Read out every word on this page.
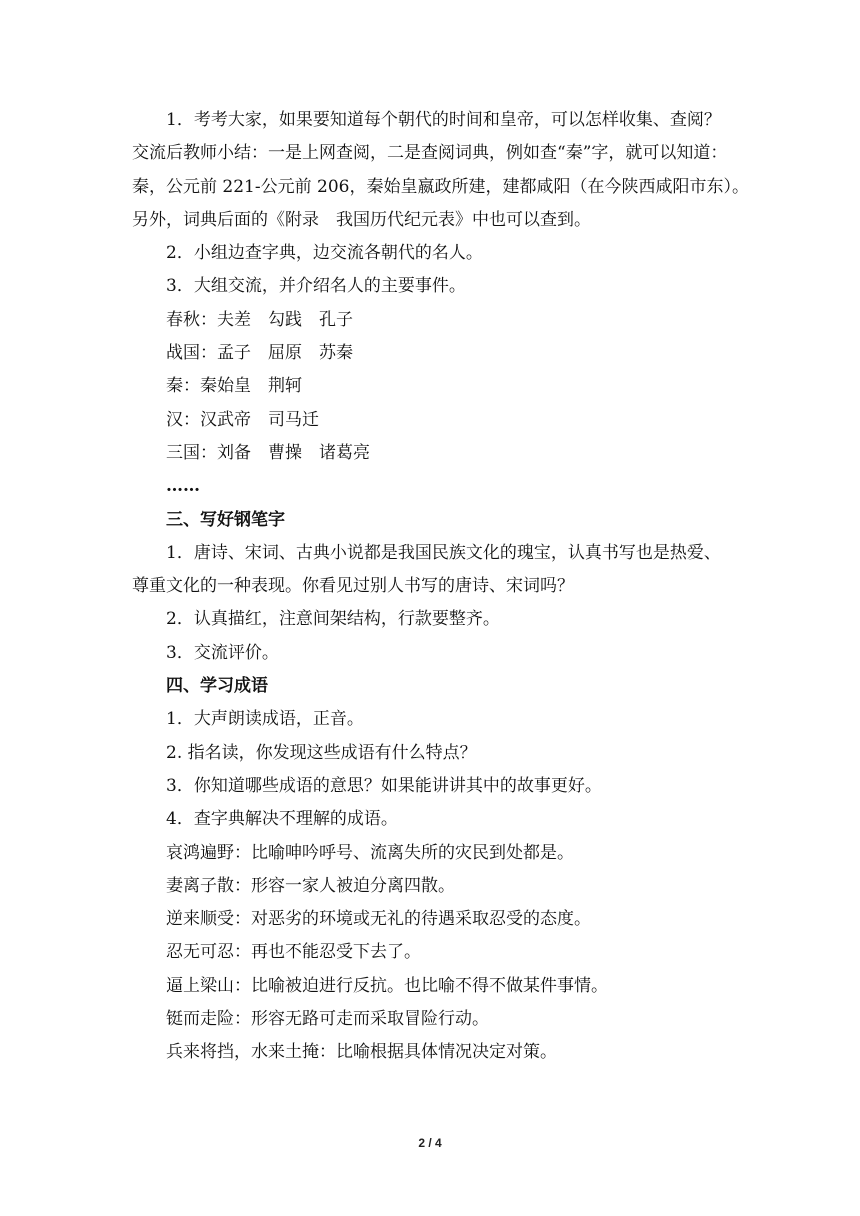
1．考考大家，如果要知道每个朝代的时间和皇帝，可以怎样收集、查阅？

交流后教师小结：一是上网查阅，二是查阅词典，例如查“秦”字，就可以知道：

秦，公元前 221-公元前 206，秦始皇嬴政所建，建都咸阳（在今陕西咸阳市东）。

另外，词典后面的《附录　我国历代纪元表》中也可以查到。

2．小组边查字典，边交流各朝代的名人。

3．大组交流，并介绍名人的主要事件。

春秋：夫差　勾践　孔子

战国：孟子　屈原　苏秦

秦：秦始皇　荆轲

汉：汉武帝　司马迁

三国：刘备　曹操　诸葛亮

……

三、写好钢笔字

1．唐诗、宋词、古典小说都是我国民族文化的瑰宝，认真书写也是热爱、

尊重文化的一种表现。你看见过别人书写的唐诗、宋词吗？

2．认真描红，注意间架结构，行款要整齐。

3．交流评价。

四、学习成语

1．大声朗读成语，正音。

2. 指名读，你发现这些成语有什么特点？

3．你知道哪些成语的意思？如果能讲讲其中的故事更好。

4．查字典解决不理解的成语。

哀鸿遍野：比喻呻吟呼号、流离失所的灾民到处都是。

妻离子散：形容一家人被迫分离四散。

逆来顺受：对恶劣的环境或无礼的待遇采取忍受的态度。

忍无可忍：再也不能忍受下去了。

逼上梁山：比喻被迫进行反抗。也比喻不得不做某件事情。

铤而走险：形容无路可走而采取冒险行动。

兵来将挡，水来土掩：比喻根据具体情况决定对策。

2 / 4
